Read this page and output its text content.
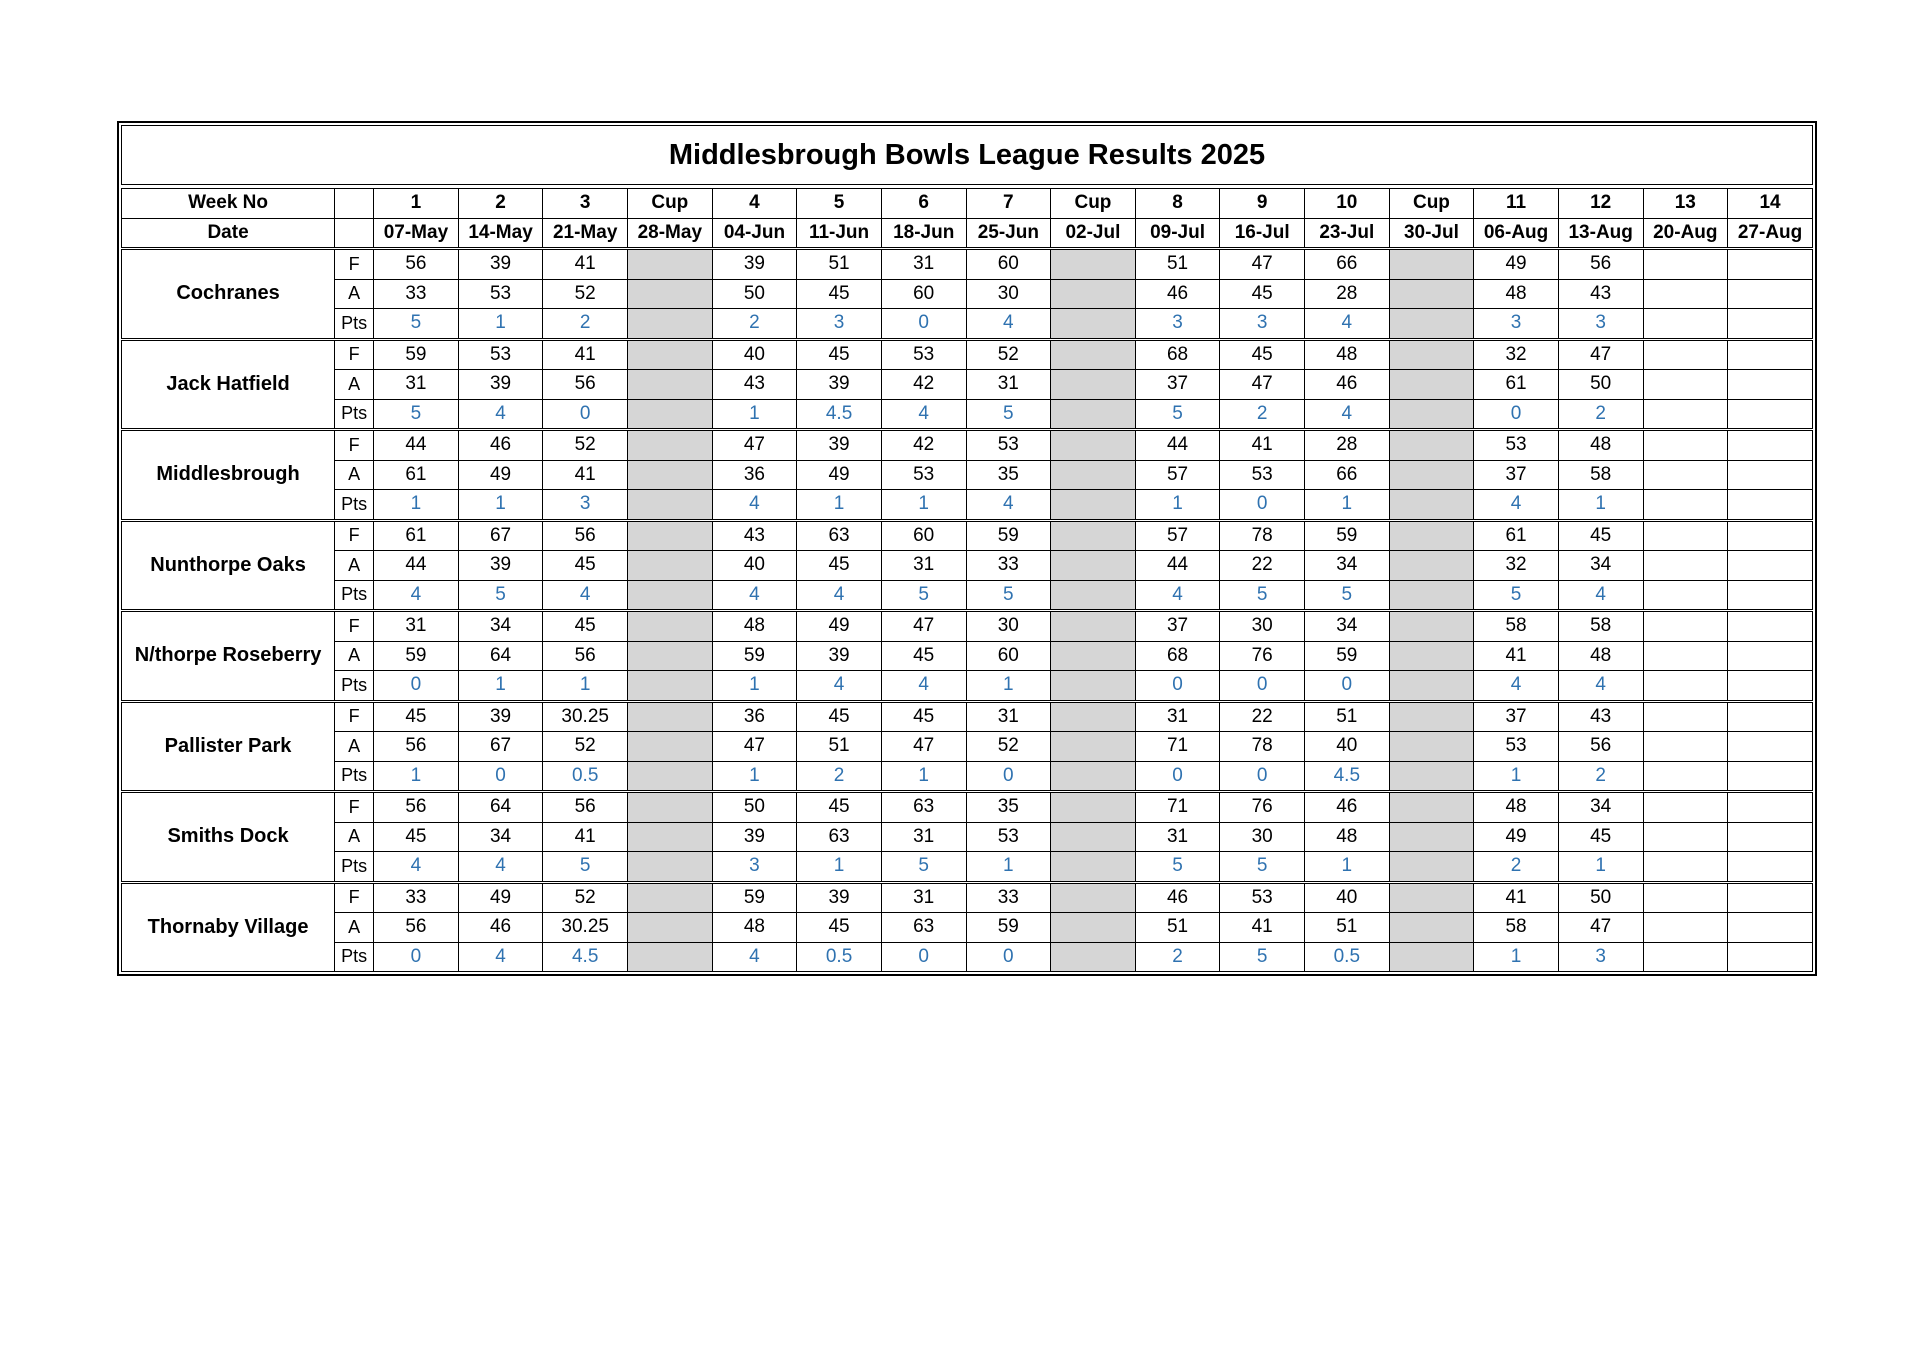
Middlesbrough Bowls League Results 2025
Week No		1	2	3	Cup	4	5	6	7	Cup	8	9	10	Cup	11	12	13	14
Date		07-May	14-May	21-May	28-May	04-Jun	11-Jun	18-Jun	25-Jun	02-Jul	09-Jul	16-Jul	23-Jul	30-Jul	06-Aug	13-Aug	20-Aug	27-Aug
Cochranes	F	56	39	41		39	51	31	60		51	47	66		49	56		
	A	33	53	52		50	45	60	30		46	45	28		48	43		
	Pts	5	1	2		2	3	0	4		3	3	4		3	3		
Jack Hatfield	F	59	53	41		40	45	53	52		68	45	48		32	47		
	A	31	39	56		43	39	42	31		37	47	46		61	50		
	Pts	5	4	0		1	4.5	4	5		5	2	4		0	2		
Middlesbrough	F	44	46	52		47	39	42	53		44	41	28		53	48		
	A	61	49	41		36	49	53	35		57	53	66		37	58		
	Pts	1	1	3		4	1	1	4		1	0	1		4	1		
Nunthorpe Oaks	F	61	67	56		43	63	60	59		57	78	59		61	45		
	A	44	39	45		40	45	31	33		44	22	34		32	34		
	Pts	4	5	4		4	4	5	5		4	5	5		5	4		
N/thorpe Roseberry	F	31	34	45		48	49	47	30		37	30	34		58	58		
	A	59	64	56		59	39	45	60		68	76	59		41	48		
	Pts	0	1	1		1	4	4	1		0	0	0		4	4		
Pallister Park	F	45	39	30.25		36	45	45	31		31	22	51		37	43		
	A	56	67	52		47	51	47	52		71	78	40		53	56		
	Pts	1	0	0.5		1	2	1	0		0	0	4.5		1	2		
Smiths Dock	F	56	64	56		50	45	63	35		71	76	46		48	34		
	A	45	34	41		39	63	31	53		31	30	48		49	45		
	Pts	4	4	5		3	1	5	1		5	5	1		2	1		
Thornaby Village	F	33	49	52		59	39	31	33		46	53	40		41	50		
	A	56	46	30.25		48	45	63	59		51	41	51		58	47		
	Pts	0	4	4.5		4	0.5	0	0		2	5	0.5		1	3		
